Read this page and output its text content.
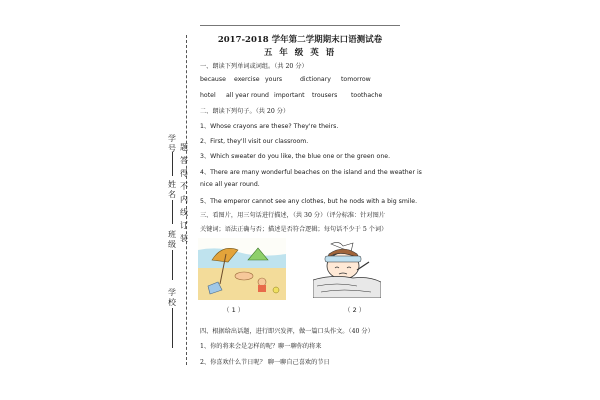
学
号
姓
名
班
级
学
校
题
答
得
不
内
线
订
装
2017-2018 学年第二学期期末口语测试卷
五 年 级 英 语
一、朗读下列单词或词组。（共 20 分）
because exercise yours	dictionary tomorrow
hotel all year round important trousers toothache
二、朗读下列句子。（共 20 分）
1、Whose crayons are these? They're theirs.
2、First, they'll visit our classroom.
3、Which sweater do you like, the blue one or the green one.
4、There are many wonderful beaches on the island and the weather is
nice all year round.
5、The emperor cannot see any clothes, but he nods with a big smile.
三、看图片，用三句话进行描述，（共 30 分）（评分标准：针对图片
关键词；语法正确与否；描述是否符合逻辑；每句话不少于 5 个词）
（ 1 ）	（ 2 ）
四、根据给出话题，进行即兴发挥，做一篇口头作文。（40 分）
1、你的将来会是怎样的呢？聊一聊你的将来
2、你喜欢什么节日呢？ 聊一聊自己喜欢的节日
